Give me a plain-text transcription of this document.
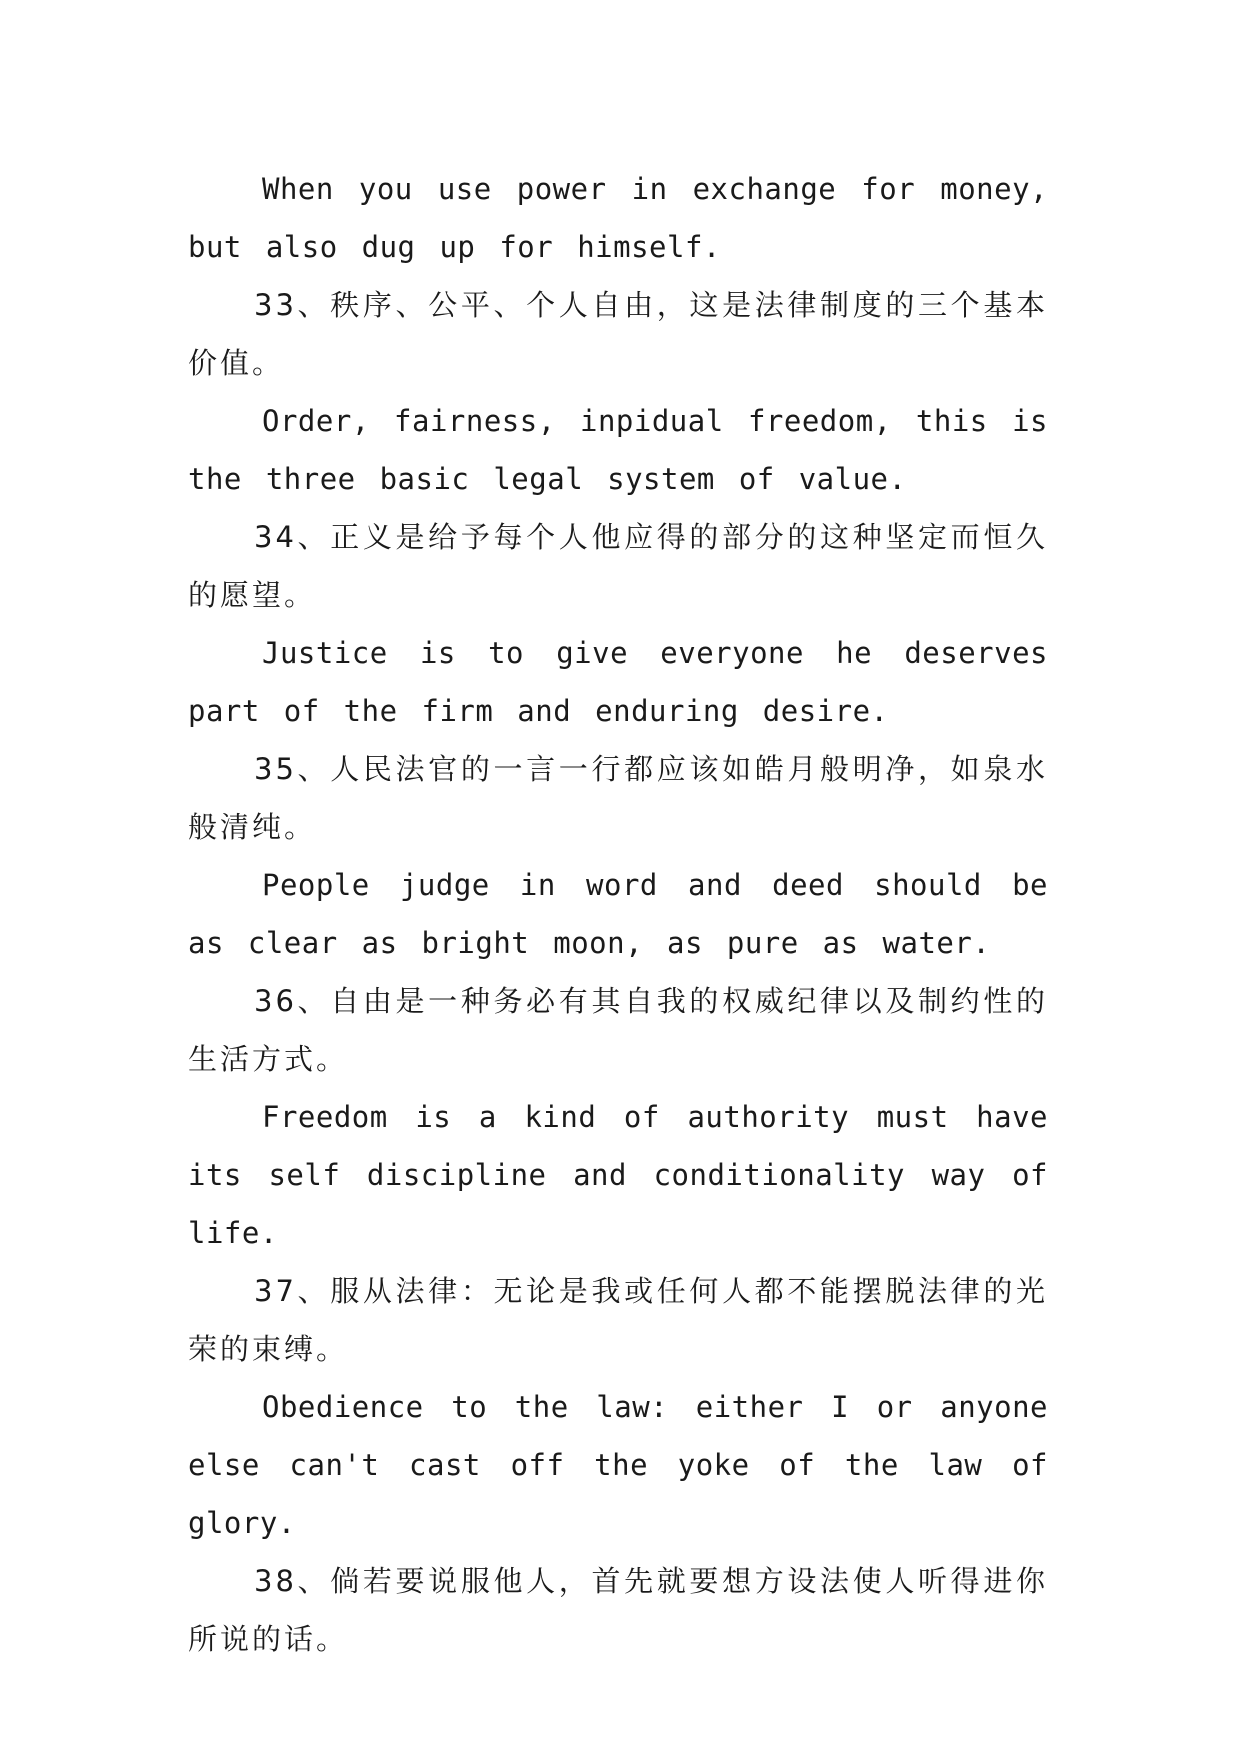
When you use power in exchange for money, but also dug up for himself.

33、秩序、公平、个人自由，这是法律制度的三个基本价值。

Order, fairness, inpidual freedom, this is the three basic legal system of value.

34、正义是给予每个人他应得的部分的这种坚定而恒久的愿望。

Justice is to give everyone he deserves part of the firm and enduring desire.

35、人民法官的一言一行都应该如皓月般明净，如泉水般清纯。

People judge in word and deed should be as clear as bright moon, as pure as water.

36、自由是一种务必有其自我的权威纪律以及制约性的生活方式。

Freedom is a kind of authority must have its self discipline and conditionality way of life.

37、服从法律：无论是我或任何人都不能摆脱法律的光荣的束缚。

Obedience to the law: either I or anyone else can't cast off the yoke of the law of glory.

38、倘若要说服他人，首先就要想方设法使人听得进你所说的话。
